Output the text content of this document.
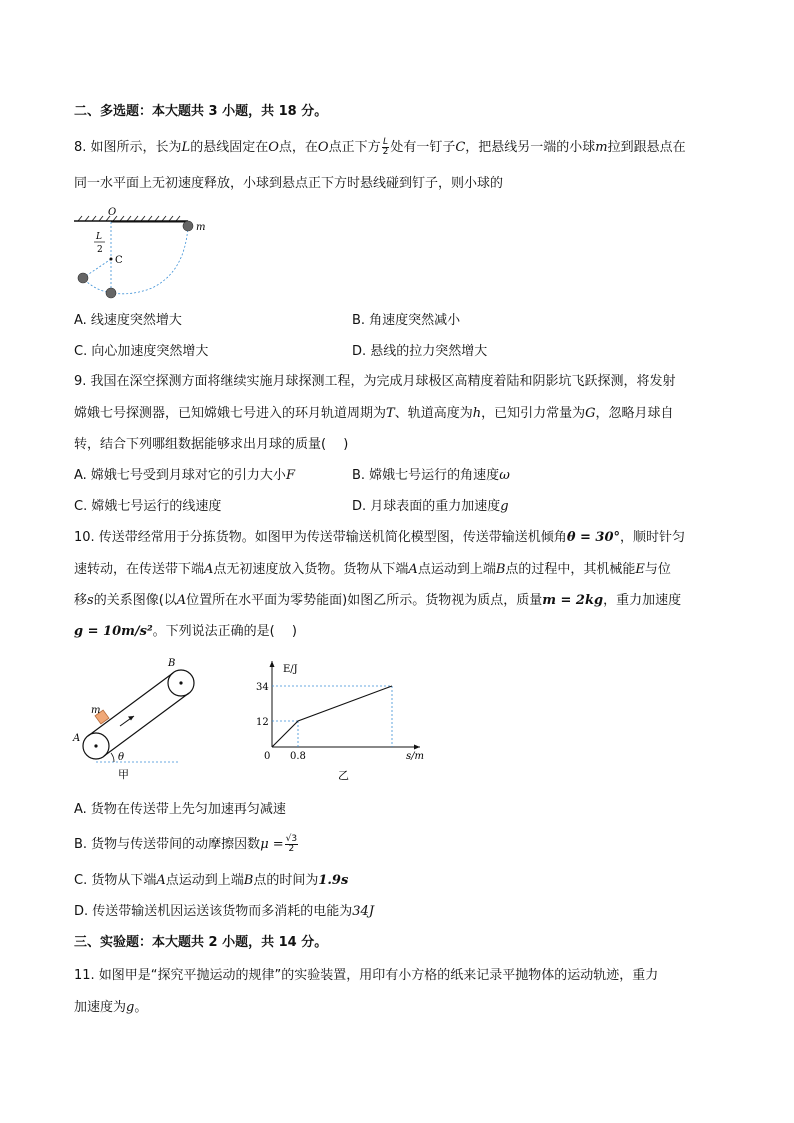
二、多选题：本大题共 3 小题，共 18 分。
8. 如图所示，长为L的悬线固定在O点，在O点正下方 $\frac{L}{2}$ 处有一钉子C，把悬线另一端的小球m拉到跟悬点在
同一水平面上无初速度释放，小球到悬点正下方时悬线碰到钉子，则小球的
O
L
2
C
m
A. 线速度突然增大	B. 角速度突然减小
C. 向心加速度突然增大	D. 悬线的拉力突然增大
9. 我国在深空探测方面将继续实施月球探测工程，为完成月球极区高精度着陆和阴影坑飞跃探测，将发射
嫦娥七号探测器，已知嫦娥七号进入的环月轨道周期为T、轨道高度为h，已知引力常量为G，忽略月球自
转，结合下列哪组数据能够求出月球的质量(　 )
A. 嫦娥七号受到月球对它的引力大小F	B. 嫦娥七号运行的角速度ω
C. 嫦娥七号运行的线速度	D. 月球表面的重力加速度g
10. 传送带经常用于分拣货物。如图甲为传送带输送机简化模型图，传送带输送机倾角θ = 30°，顺时针匀
速转动，在传送带下端A点无初速度放入货物。货物从下端A点运动到上端B点的过程中，其机械能E与位
移s的关系图像(以A位置所在水平面为零势能面)如图乙所示。货物视为质点，质量m = 2kg，重力加速度
g = 10m/s²。下列说法正确的是(　 )
θ
m
B
A
甲
E/J
34
12
0 0.8	s/m
乙
A. 货物在传送带上先匀加速再匀减速
B. 货物与传送带间的动摩擦因数$\mu = \frac{√3}{2}$
C. 货物从下端A点运动到上端B点的时间为1.9s
D. 传送带输送机因运送该货物而多消耗的电能为34J
三、实验题：本大题共 2 小题，共 14 分。
11. 如图甲是“探究平抛运动的规律”的实验装置，用印有小方格的纸来记录平抛物体的运动轨迹，重力
加速度为g。
